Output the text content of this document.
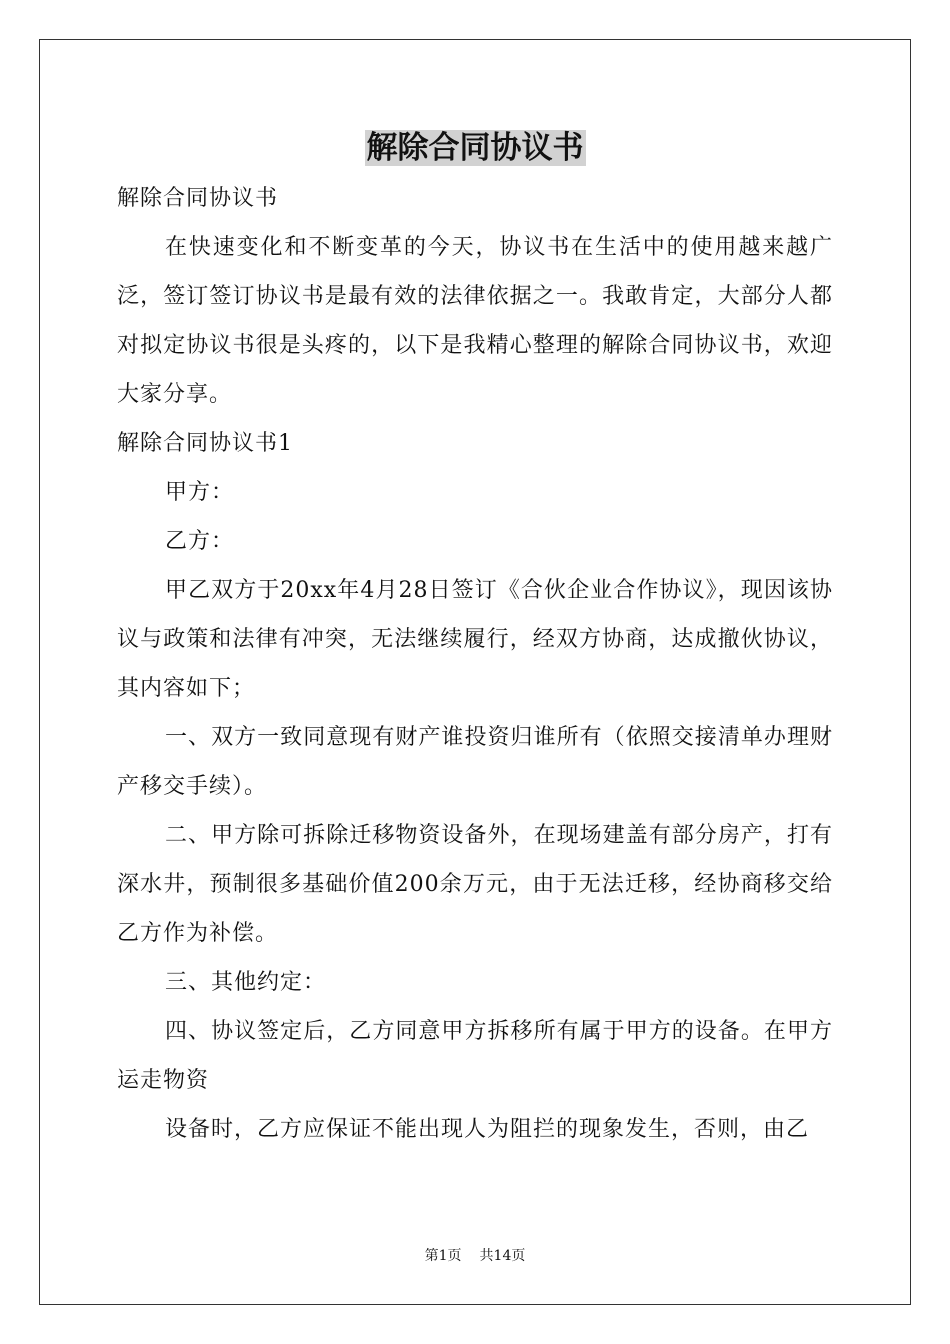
解除合同协议书

解除合同协议书

在快速变化和不断变革的今天，协议书在生活中的使用越来越广泛，签订签订协议书是最有效的法律依据之一。我敢肯定，大部分人都对拟定协议书很是头疼的，以下是我精心整理的解除合同协议书，欢迎大家分享。

解除合同协议书1

甲方：

乙方：

甲乙双方于20xx年4月28日签订《合伙企业合作协议》，现因该协议与政策和法律有冲突，无法继续履行，经双方协商，达成撤伙协议，其内容如下；

一、双方一致同意现有财产谁投资归谁所有（依照交接清单办理财产移交手续）。

二、甲方除可拆除迁移物资设备外，在现场建盖有部分房产，打有深水井，预制很多基础价值200余万元，由于无法迁移，经协商移交给乙方作为补偿。

三、其他约定：

四、协议签定后，乙方同意甲方拆移所有属于甲方的设备。在甲方运走物资

设备时，乙方应保证不能出现人为阻拦的现象发生，否则，由乙

第1页 共14页
